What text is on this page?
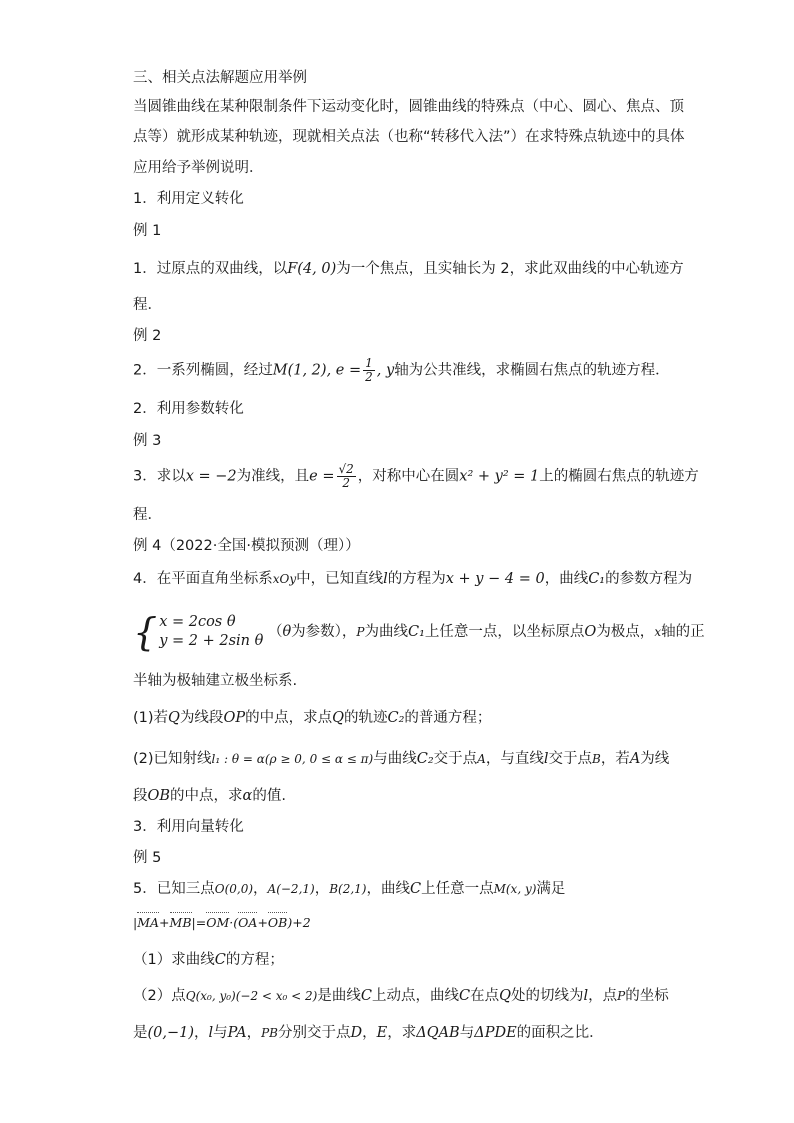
三、相关点法解题应用举例
当圆锥曲线在某种限制条件下运动变化时，圆锥曲线的特殊点（中心、圆心、焦点、顶
点等）就形成某种轨迹，现就相关点法（也称“转移代入法”）在求特殊点轨迹中的具体
应用给予举例说明．
1．利用定义转化
例 1
1．过原点的双曲线，以F(4, 0)为一个焦点，且实轴长为 2，求此双曲线的中心轨迹方
程．
例 2
2．一系列椭圆，经过M(1, 2), $e = \frac{1}{2}$ , y轴为公共准线，求椭圆右焦点的轨迹方程．
2．利用参数转化
例 3
3．求以x = −2为准线，且$e = \frac{√2}{2}$ ，对称中心在圆x² + y² = 1上的椭圆右焦点的轨迹方
程．
例 4（2022·全国·模拟预测（理））
4．在平面直角坐标系xOy中，已知直线l的方程为x + y − 4 = 0，曲线C₁的参数方程为
{ x = 2cos θ
y = 2 + 2sin θ
（θ为参数），P为曲线C₁上任意一点，以坐标原点O为极点，x轴的正
半轴为极轴建立极坐标系.
(1)若Q为线段OP的中点，求点Q的轨迹C₂的普通方程；
(2)已知射线l₁ : θ = α(ρ ≥ 0, 0 ≤ α ≤ π)与曲线C₂交于点A，与直线l交于点B，若A为线
段OB的中点，求α的值.
3．利用向量转化
例 5
5．已知三点O(0,0)，A(−2,1)，B(2,1)，曲线C上任意一点M(x, y)满足
|MA+MB|=OM·(OA+OB)+2
（1）求曲线C的方程；
（2）点Q(x₀, y₀)(−2 < x₀ < 2)是曲线C上动点，曲线C在点Q处的切线为l，点P的坐标
是(0,−1)，l与PA，PB分别交于点D，E，求ΔQAB与ΔPDE的面积之比．
